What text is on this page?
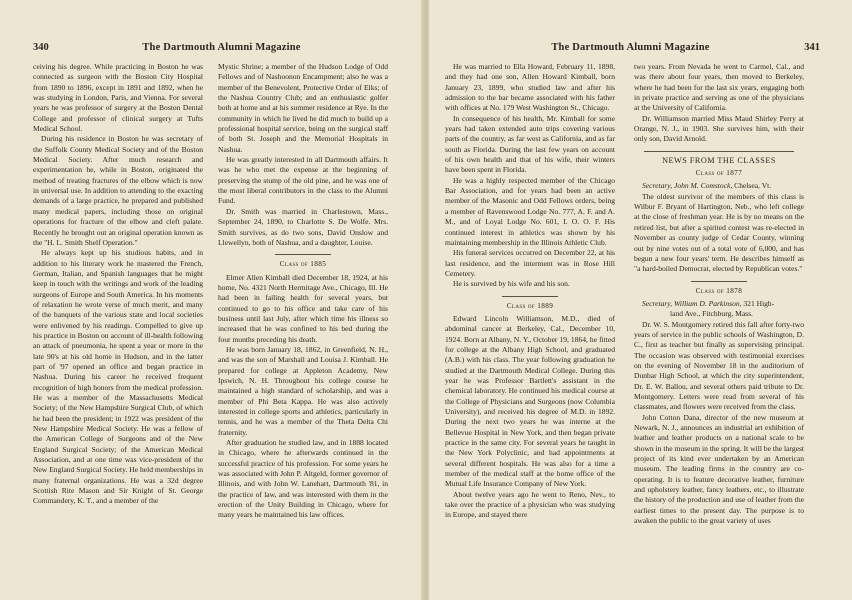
340	The Dartmouth Alumni Magazine

ceiving his degree. While practicing in Boston he was connected as surgeon with the Boston City Hospital from 1890 to 1896, except in 1891 and 1892, when he was studying in London, Paris, and Vienna. For several years he was professor of surgery at the Boston Dental College and professor of clinical surgery at Tufts Medical School.

During his residence in Boston he was secretary of the Suffolk County Medical Society and of the Boston Medical Society. After much research and experimentation he, while in Boston, originated the method of treating fractures of the elbow which is now in universal use. In addition to attending to the exacting demands of a large practice, he prepared and published many medical papers, including those on original operations for fracture of the elbow and cleft palate. Recently he brought out an original operation known as the "H. L. Smith Shelf Operation."

He always kept up his studious habits, and in addition to his literary work he mastered the French, German, Italian, and Spanish languages that he might keep in touch with the writings and work of the leading surgeons of Europe and South America. In his moments of relaxation he wrote verse of much merit, and many of the banquets of the various state and local societies were enlivened by his readings. Compelled to give up his practice in Boston on account of ill-health following an attack of pneumonia, he spent a year or more in the late 90's at his old home in Hudson, and in the latter part of '97 opened an office and began practice in Nashua. During his career he received frequent recognition of high honors from the medical profession. He was a member of the Massachusetts Medical Society; of the New Hampshire Surgical Club, of which he had been the president; in 1922 was president of the New Hampshire Medical Society. He was a fellow of the American College of Surgeons and of the New England Surgical Society; of the American Medical Association, and at one time was vice-president of the New England Surgical Society. He held memberships in many fraternal organizations. He was a 32d degree Scottish Rite Mason and Sir Knight of St. George Commandery, K. T., and a member of the

Mystic Shrine; a member of the Hudson Lodge of Odd Fellows and of Nashoonon Encampment; also he was a member of the Benevolent, Protective Order of Elks; of the Nashua Country Club; and an enthusiastic golfer both at home and at his summer residence at Rye. In the community in which he lived he did much to build up a professional hospital service, being on the surgical staff of both St. Joseph and the Memorial Hospitals in Nashua.

He was greatly interested in all Dartmouth affairs. It was he who met the expense at the beginning of preserving the stump of the old pine, and he was one of the most liberal contributors in the class to the Alumni Fund.

Dr. Smith was married in Charlestown, Mass., September 24, 1890, to Charlotte S. De Wolfe. Mrs. Smith survives, as do two sons, David Onslow and Llewellyn, both of Nashua, and a daughter, Louise.

Class of 1885

Elmer Allen Kimball died December 18, 1924, at his home, No. 4321 North Hermitage Ave., Chicago, Ill. He had been in failing health for several years, but continued to go to his office and take care of his business until last July, after which time his illness so increased that he was confined to his bed during the four months preceding his death.

He was born January 18, 1862, in Greenfield, N. H., and was the son of Marshall and Louisa J. Kimball. He prepared for college at Appleton Academy, New Ipswich, N. H. Throughout his college course he maintained a high standard of scholarship, and was a member of Phi Beta Kappa. He was also actively interested in college sports and athletics, particularly in tennis, and he was a member of the Theta Delta Chi fraternity.

After graduation he studied law, and in 1888 located in Chicago, where he afterwards continued in the successful practice of his profession. For some years he was associated with John P. Altgeld, former governor of Illinois, and with John W. Lanehart, Dartmouth '81, in the practice of law, and was interested with them in the erection of the Unity Building in Chicago, where for many years he maintained his law offices.

The Dartmouth Alumni Magazine	341

He was married to Ella Howard, February 11, 1898, and they had one son, Allen Howard Kimball, born January 23, 1899, who studied law and after his admission to the bar became associated with his father with offices at No. 179 West Washington St., Chicago.

In consequence of his health, Mr. Kimball for some years had taken extended auto trips covering various parts of the country, as far west as California, and as far south as Florida. During the last few years on account of his own health and that of his wife, their winters have been spent in Florida.

He was a highly respected member of the Chicago Bar Association, and for years had been an active member of the Masonic and Odd Fellows orders, being a member of Ravenswood Lodge No. 777, A. F. and A. M., and of Loyal Lodge No. 601, I. O. O. F. His continued interest in athletics was shown by his maintaining membership in the Illinois Athletic Club.

His funeral services occurred on December 22, at his last residence, and the interment was in Rose Hill Cemetery.

He is survived by his wife and his son.

Class of 1889

Edward Lincoln Williamson, M.D., died of abdominal cancer at Berkeley, Cal., December 10, 1924. Born at Albany, N. Y., October 19, 1864, he fitted for college at the Albany High School, and graduated (A.B.) with his class. The year following graduation he studied at the Dartmouth Medical College. During this year he was Professor Bartlett's assistant in the chemical laboratory. He continued his medical course at the College of Physicians and Surgeons (now Columbia University), and received his degree of M.D. in 1892. During the next two years he was interne at the Bellevue Hospital in New York, and then began private practice in the same city. For several years he taught in the New York Polyclinic, and had appointments at several different hospitals. He was also for a time a member of the medical staff at the home office of the Mutual Life Insurance Company of New York.

About twelve years ago he went to Reno, Nev., to take over the practice of a physician who was studying in Europe, and stayed there

two years. From Nevada he went to Carmel, Cal., and was there about four years, then moved to Berkeley, where he had been for the last six years, engaging both in private practice and serving as one of the physicians at the University of California.

Dr. Williamson married Miss Maud Shirley Perry at Orange, N. J., in 1903. She survives him, with their only son, David Arnold.

NEWS FROM THE CLASSES
Class of 1877

Secretary, John M. Comstock, Chelsea, Vt.

The oldest survivor of the members of this class is Wilbur F. Bryant of Hartington, Neb., who left college at the close of freshman year. He is by no means on the retired list, but after a spirited contest was re-elected in November as county judge of Cedar County, winning out by nine votes out of a total vote of 6,000, and has begun a new four years' term. He describes himself as "a hard-boiled Democrat, elected by Republican votes."

Class of 1878

Secretary, William D. Parkinson, 321 High-
land Ave., Fitchburg, Mass.

Dr. W. S. Montgomery retired this fall after forty-two years of service in the public schools of Washington, D. C., first as teacher but finally as supervising principal. The occasion was observed with testimonial exercises on the evening of November 18 in the auditorium of Dunbar High School, at which the city superintendent, Dr. E. W. Ballou, and several others paid tribute to Dr. Montgomery. Letters were read from several of his classmates, and flowers were received from the class.

John Cotton Dana, director of the new museum at Newark, N. J., announces an industrial art exhibition of leather and leather products on a national scale to be shown in the museum in the spring. It will be the largest project of its kind ever undertaken by an American museum. The leading firms in the country are co-operating. It is to feature decorative leather, furniture and upholstery leather, fancy leathers, etc., to illustrate the history of the production and use of leather from the earliest times to the present day. The purpose is to awaken the public to the great variety of uses
